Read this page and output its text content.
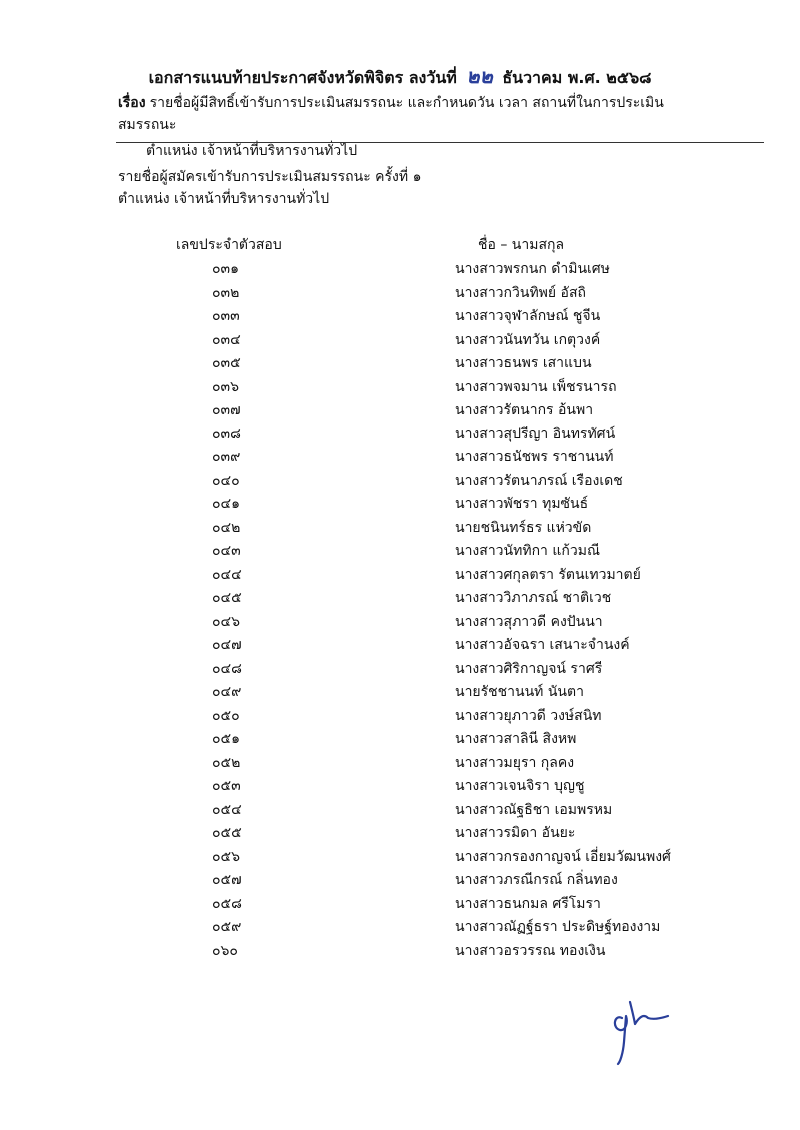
เอกสารแนบท้ายประกาศจังหวัดพิจิตร ลงวันที่ ๒๒ ธันวาคม พ.ศ. ๒๕๖๘
เรื่อง รายชื่อผู้มีสิทธิ์เข้ารับการประเมินสมรรถนะ และกำหนดวัน เวลา สถานที่ในการประเมินสมรรถนะ
ตำแหน่ง เจ้าหน้าที่บริหารงานทั่วไป
รายชื่อผู้สมัครเข้ารับการประเมินสมรรถนะ ครั้งที่ ๑
ตำแหน่ง เจ้าหน้าที่บริหารงานทั่วไป
เลขประจำตัวสอบ	ชื่อ – นามสกุล
๐๓๑	นางสาวพรกนก ดำมินเศษ
๐๓๒	นางสาวกวินทิพย์ อัสถิ
๐๓๓	นางสาวจุฬาลักษณ์ ชูจีน
๐๓๔	นางสาวนันทวัน เกตุวงค์
๐๓๕	นางสาวธนพร เสาแบน
๐๓๖	นางสาวพจมาน เพ็ชรนารถ
๐๓๗	นางสาวรัตนากร อ้นพา
๐๓๘	นางสาวสุปรีญา อินทรทัศน์
๐๓๙	นางสาวธนัชพร ราชานนท์
๐๔๐	นางสาวรัตนาภรณ์ เรืองเดช
๐๔๑	นางสาวพัชรา ทุมซันธ์
๐๔๒	นายชนินทร์ธร แห่วขัด
๐๔๓	นางสาวนัททิกา แก้วมณี
๐๔๔	นางสาวศกุลตรา รัตนเทวมาตย์
๐๔๕	นางสาววิภาภรณ์ ชาติเวช
๐๔๖	นางสาวสุภาวดี คงปันนา
๐๔๗	นางสาวอัจฉรา เสนาะจำนงค์
๐๔๘	นางสาวศิริกาญจน์ ราศรี
๐๔๙	นายรัชชานนท์ นันตา
๐๕๐	นางสาวยุภาวดี วงษ์สนิท
๐๕๑	นางสาวสาลินี สิงหพ
๐๕๒	นางสาวมยุรา กุลคง
๐๕๓	นางสาวเจนจิรา บุญชู
๐๕๔	นางสาวณัฐธิชา เอมพรหม
๐๕๕	นางสาวรมิดา อันยะ
๐๕๖	นางสาวกรองกาญจน์ เอี่ยมวัฒนพงศ์
๐๕๗	นางสาวภรณีกรณ์ กลิ่นทอง
๐๕๘	นางสาวธนกมล ศรีโมรา
๐๕๙	นางสาวณัฏฐ์ธรา ประดิษฐ์ทองงาม
๐๖๐	นางสาวอรวรรณ ทองเงิน
